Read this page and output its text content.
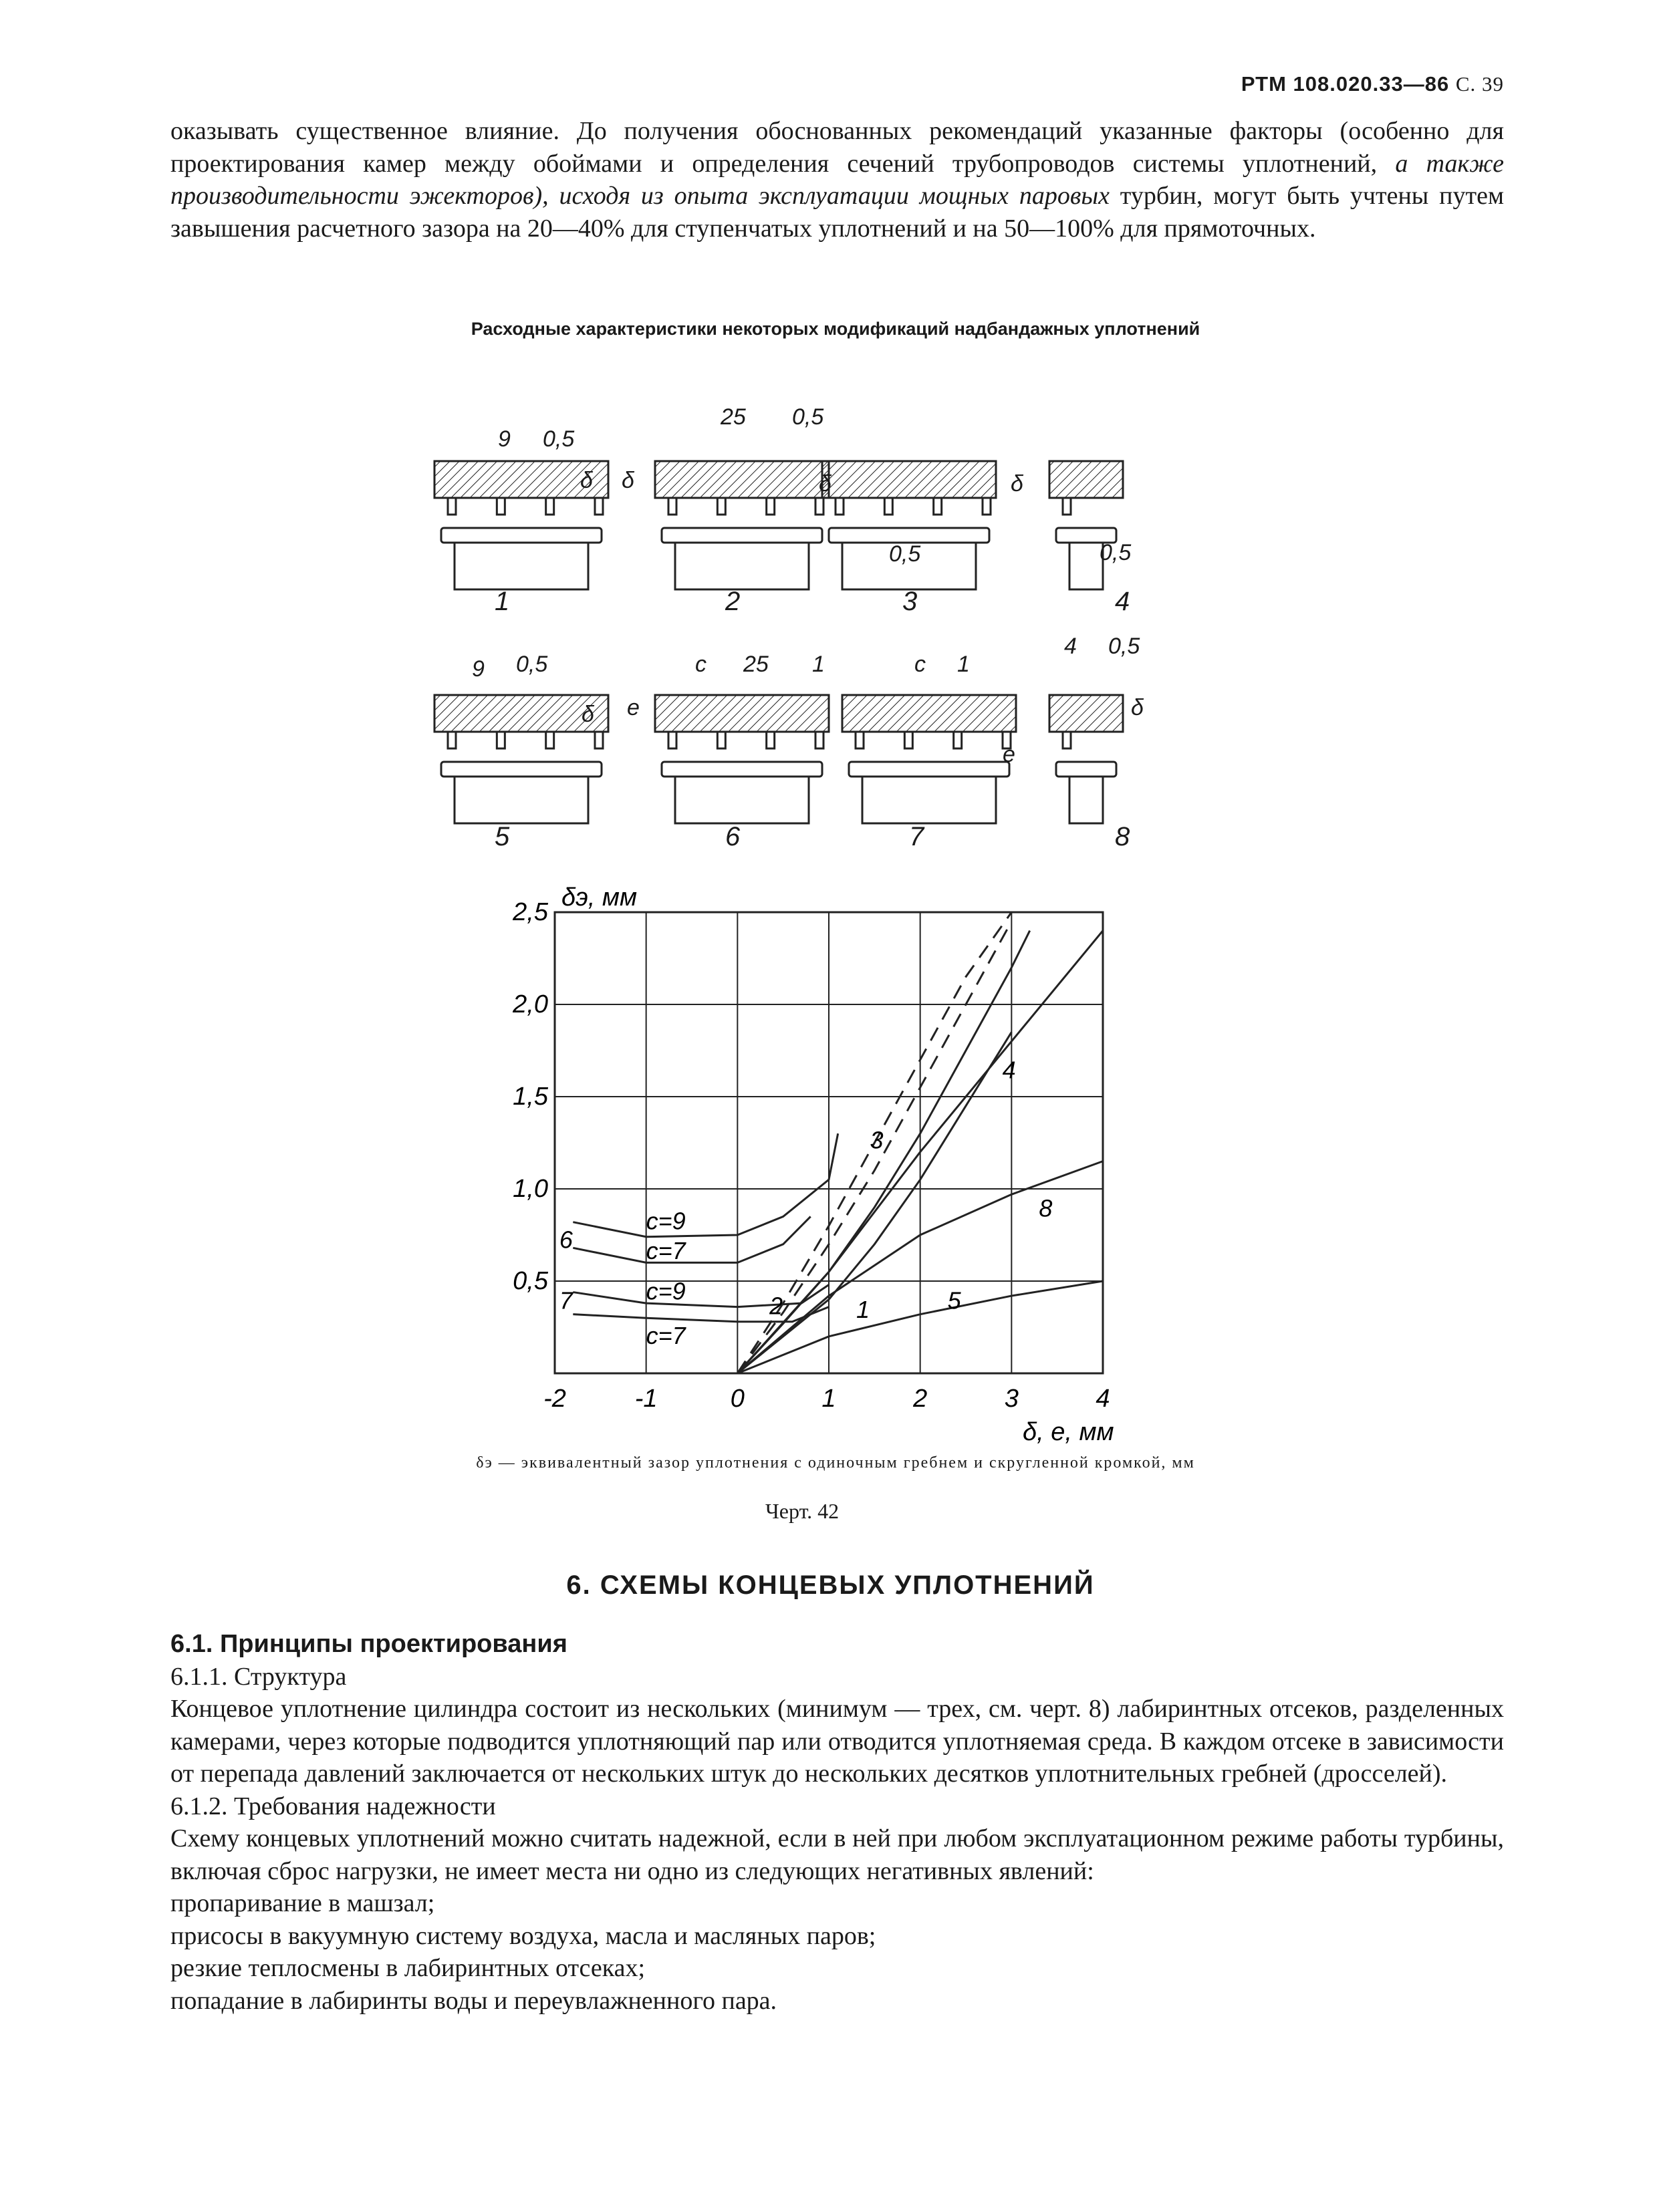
РТМ 108.020.33—86 С. 39

оказывать существенное влияние. До получения обоснованных рекомендаций указанные факторы (особенно для проектирования камер между обоймами и определения сечений трубопроводов системы уплотнений, а также производительности эжекторов), исходя из опыта эксплуатации мощных паровых турбин, могут быть учтены путем завышения расчетного зазора на 20—40% для ступенчатых уплотнений и на 50—100% для прямоточных.

Расходные характеристики некоторых модификаций надбандажных уплотнений
1	2	3	4
5	6	7	8
9 0,5
δ
25 0,5
δ
0,5
δ
0,5
δ
9 0,5
δ
с 25 1
е
с 1
е
4 0,5
δ
-2	-1	0	1	2	3	4
0,5
1,0
1,5
2,0
2,5
δэ, мм
δ, е, мм
1
2
3
4
5
6
7
8
с=9
с=7
с=9
с=7
δэ — эквивалентный зазор уплотнения с одиночным гребнем и скругленной кромкой, мм
Черт. 42
6. СХЕМЫ КОНЦЕВЫХ УПЛОТНЕНИЙ

6.1. Принципы проектирования

6.1.1. Структура

Концевое уплотнение цилиндра состоит из нескольких (минимум — трех, см. черт. 8) лабиринтных отсеков, разделенных камерами, через которые подводится уплотняющий пар или отводится уплотняемая среда. В каждом отсеке в зависимости от перепада давлений заключается от нескольких штук до нескольких десятков уплотнительных гребней (дросселей).

6.1.2. Требования надежности

Схему концевых уплотнений можно считать надежной, если в ней при любом эксплуатационном режиме работы турбины, включая сброс нагрузки, не имеет места ни одно из следующих негативных явлений:

пропаривание в машзал;

присосы в вакуумную систему воздуха, масла и масляных паров;

резкие теплосмены в лабиринтных отсеках;

попадание в лабиринты воды и переувлажненного пара.
